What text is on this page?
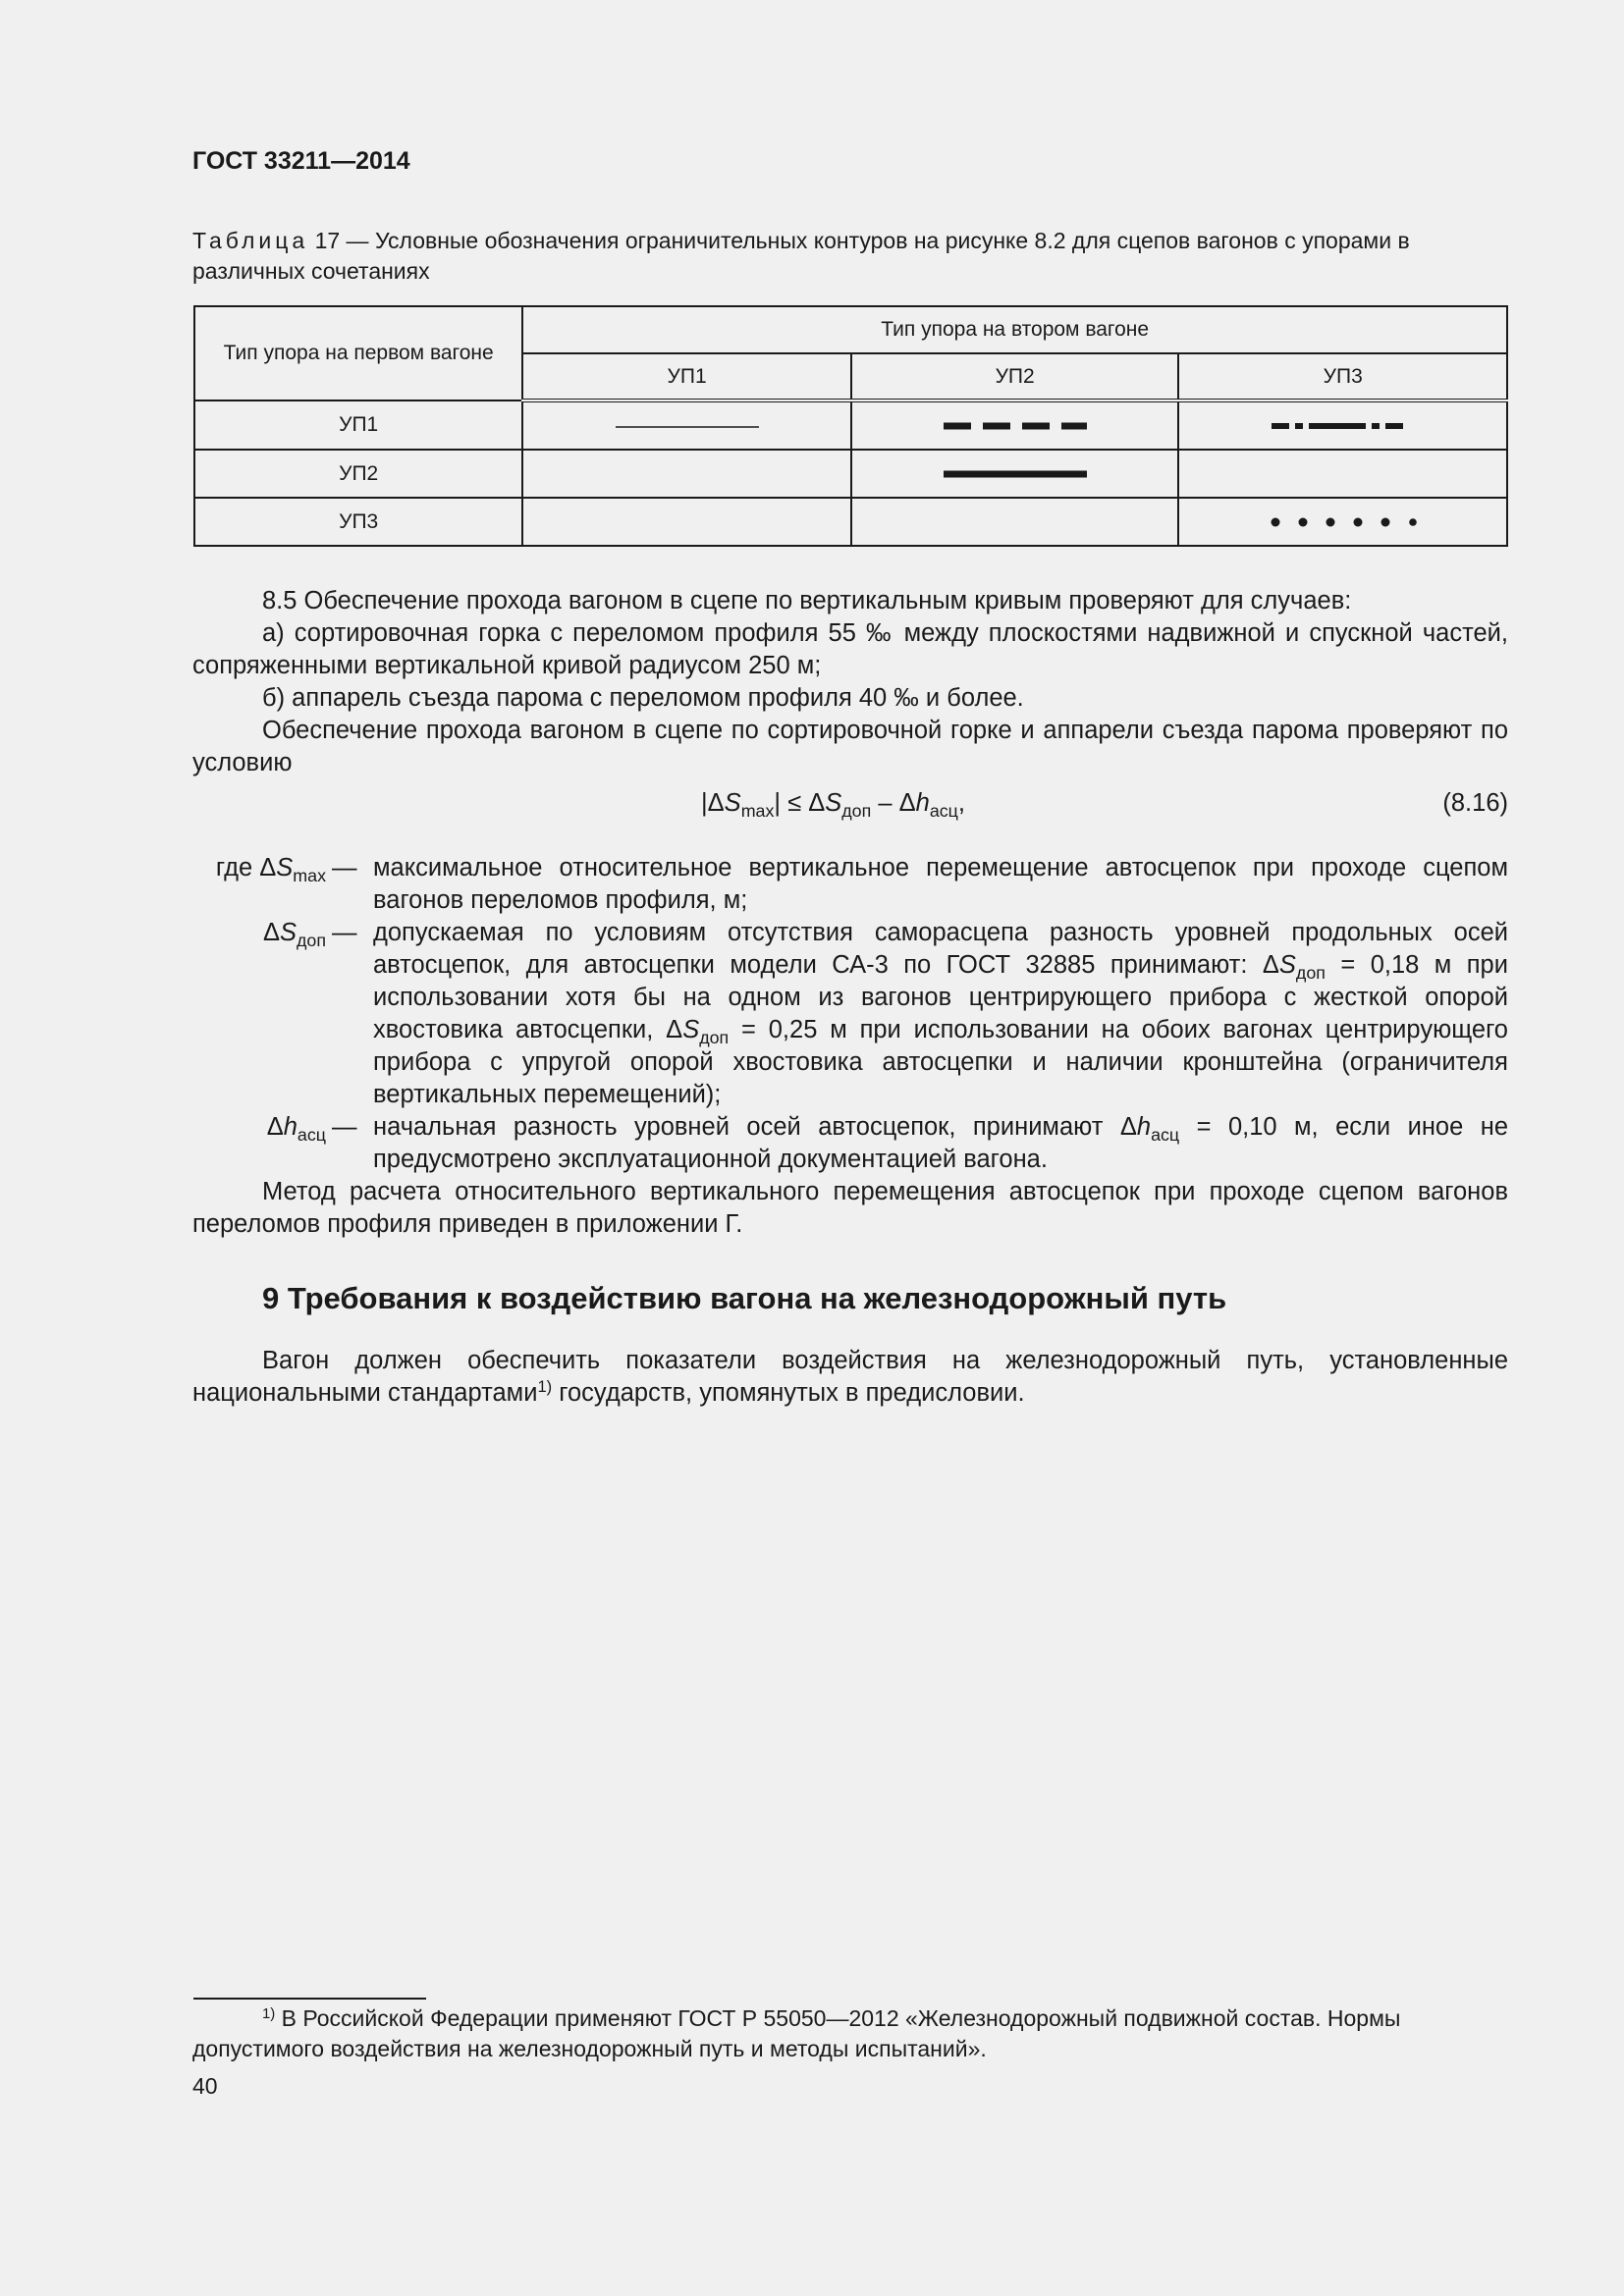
ГОСТ 33211—2014
Таблица 17 — Условные обозначения ограничительных контуров на рисунке 8.2 для сцепов вагонов с упорами в различных сочетаниях
Тип упора на первом вагоне	Тип упора на втором вагоне		
	УП1	УП2	УП3
УП1			
УП2			
УП3			
8.5 Обеспечение прохода вагоном в сцепе по вертикальным кривым проверяют для случаев:
а) сортировочная горка с переломом профиля 55 ‰ между плоскостями надвижной и спускной частей, сопряженными вертикальной кривой радиусом 250 м;
б) аппарель съезда парома с переломом профиля 40 ‰ и более.
Обеспечение прохода вагоном в сцепе по сортировочной горке и аппарели съезда парома проверяют по условию
$|\Delta S_{max}| \le \Delta S_{доп} - \Delta h_{асц}$,	(8.16)
где $\Delta S_{max}$ — максимальное относительное вертикальное перемещение автосцепок при проходе сцепом вагонов переломов профиля, м;
$\Delta S_{доп}$ — допускаемая по условиям отсутствия саморасцепа разность уровней продольных осей автосцепок, для автосцепки модели СА-3 по ГОСТ 32885 принимают: $\Delta S_{доп} = 0,18$ м при использовании хотя бы на одном из вагонов центрирующего прибора с жесткой опорой хвостовика автосцепки, $\Delta S_{доп} = 0,25$ м при использовании на обоих вагонах центрирующего прибора с упругой опорой хвостовика автосцепки и наличии кронштейна (ограничителя вертикальных перемещений);
$\Delta h_{асц}$ — начальная разность уровней осей автосцепок, принимают $\Delta h_{асц} = 0,10$ м, если иное не предусмотрено эксплуатационной документацией вагона.
Метод расчета относительного вертикального перемещения автосцепок при проходе сцепом вагонов переломов профиля приведен в приложении Г.
9 Требования к воздействию вагона на железнодорожный путь
Вагон должен обеспечить показатели воздействия на железнодорожный путь, установленные национальными стандартами$^{1)}$ государств, упомянутых в предисловии.
$^{1)}$ В Российской Федерации применяют ГОСТ Р 55050—2012 «Железнодорожный подвижной состав. Нормы допустимого воздействия на железнодорожный путь и методы испытаний».
40
